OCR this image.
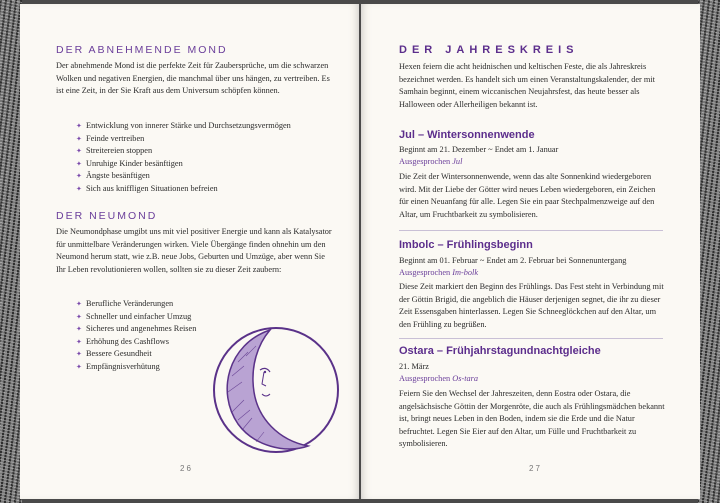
DER ABNEHMENDE MOND

Der abnehmende Mond ist die perfekte Zeit für Zaubersprüche, um die schwarzen Wolken und negativen Energien, die manchmal über uns hängen, zu vertreiben. Es ist eine Zeit, in der Sie Kraft aus dem Universum schöpfen können.

✦ Entwicklung von innerer Stärke und Durchsetzungsvermögen
✦ Feinde vertreiben
✦ Streitereien stoppen
✦ Unruhige Kinder besänftigen
✦ Ängste besänftigen
✦ Sich aus kniffligen Situationen befreien
DER NEUMOND

Die Neumondphase umgibt uns mit viel positiver Energie und kann als Katalysator für unmittelbare Veränderungen wirken. Viele Übergänge finden ohnehin um den Neumond herum statt, wie z.B. neue Jobs, Geburten und Umzüge, aber wenn Sie Ihr Leben revolutionieren wollen, sollten sie zu dieser Zeit zaubern:

✦ Berufliche Veränderungen
✦ Schneller und einfacher Umzug
✦ Sicheres und angenehmes Reisen
✦ Erhöhung des Cashflows
✦ Bessere Gesundheit
✦ Empfängnisverhütung
26
DER JAHRESKREIS

Hexen feiern die acht heidnischen und keltischen Feste, die als Jahreskreis bezeichnet werden. Es handelt sich um einen Veranstaltungskalender, der mit Samhain beginnt, einem wiccanischen Neujahrsfest, das heute besser als Halloween oder Allerheiligen bekannt ist.

Jul – Wintersonnenwende
Beginnt am 21. Dezember ~ Endet am 1. Januar
Ausgesprochen Jul

Die Zeit der Wintersonnenwende, wenn das alte Sonnenkind wiedergeboren wird. Mit der Liebe der Götter wird neues Leben wiedergeboren, ein Zeichen für einen Neuanfang für alle. Legen Sie ein paar Stechpalmenzweige auf den Altar, um Fruchtbarkeit zu symbolisieren.

Imbolc – Frühlingsbeginn
Beginnt am 01. Februar ~ Endet am 2. Februar bei Sonnenuntergang
Ausgesprochen Im-bolk

Diese Zeit markiert den Beginn des Frühlings. Das Fest steht in Verbindung mit der Göttin Brigid, die angeblich die Häuser derjenigen segnet, die ihr zu dieser Zeit Essensgaben hinterlassen. Legen Sie Schneeglöckchen auf den Altar, um den Frühling zu begrüßen.

Ostara – Frühjahrstagundnachtgleiche
21. März
Ausgesprochen Os-tara

Feiern Sie den Wechsel der Jahreszeiten, denn Eostra oder Ostara, die angelsächsische Göttin der Morgenröte, die auch als Frühlingsmädchen bekannt ist, bringt neues Leben in den Boden, indem sie die Erde und die Natur befruchtet. Legen Sie Eier auf den Altar, um Fülle und Fruchtbarkeit zu symbolisieren.

27
